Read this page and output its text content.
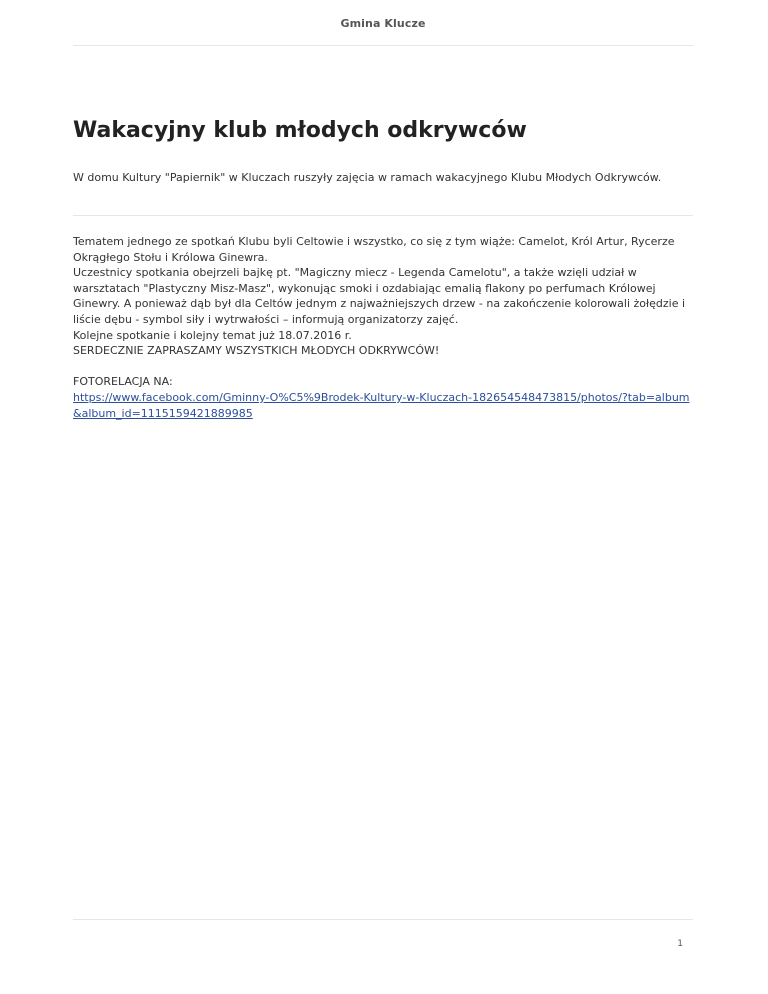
Gmina Klucze
Wakacyjny klub młodych odkrywców

W domu Kultury "Papiernik" w Kluczach ruszyły zajęcia w ramach wakacyjnego Klubu Młodych Odkrywców.

Tematem jednego ze spotkań Klubu byli Celtowie i wszystko, co się z tym wiąże: Camelot, Król Artur, Rycerze Okrągłego Stołu i Królowa Ginewra.

Uczestnicy spotkania obejrzeli bajkę pt. "Magiczny miecz - Legenda Camelotu", a także wzięli udział w warsztatach "Plastyczny Misz-Masz", wykonując smoki i ozdabiając emalią flakony po perfumach Królowej Ginewry. A ponieważ dąb był dla Celtów jednym z najważniejszych drzew - na zakończenie kolorowali żołędzie i liście dębu - symbol siły i wytrwałości – informują organizatorzy zajęć.

Kolejne spotkanie i kolejny temat już 18.07.2016 r.

SERDECZNIE ZAPRASZAMY WSZYSTKICH MŁODYCH ODKRYWCÓW!

FOTORELACJA NA:

https://www.facebook.com/Gminny-O%C5%9Brodek-Kultury-w-Kluczach-182654548473815/photos/?tab=album&album_id=1115159421889985

1
